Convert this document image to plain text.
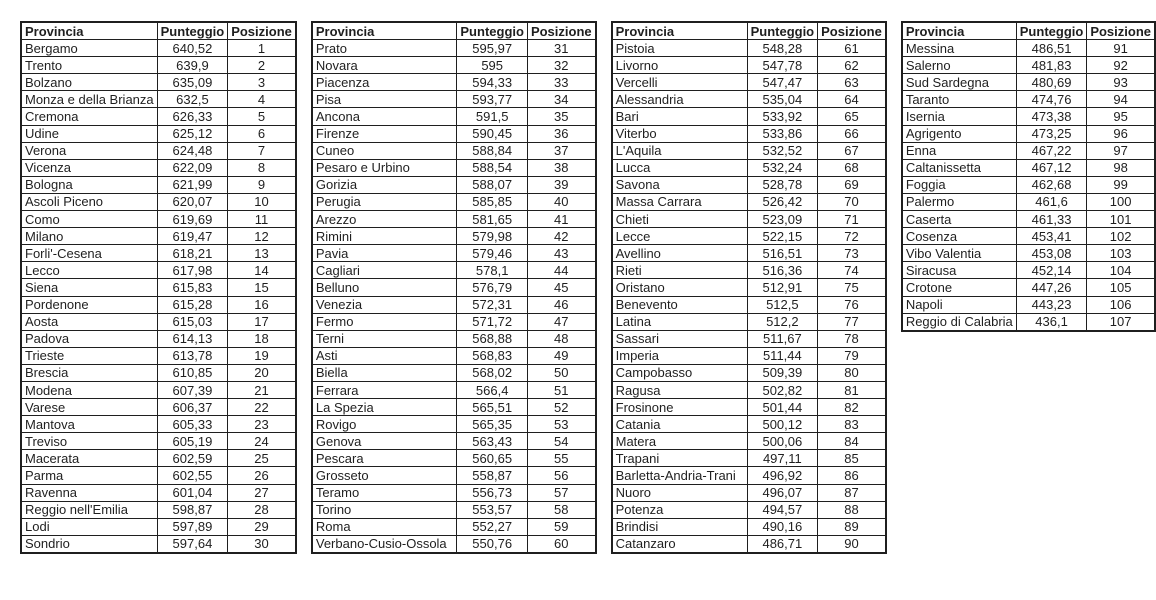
Provincia	Punteggio	Posizione
Bergamo	640,52	1
Trento	639,9	2
Bolzano	635,09	3
Monza e della Brianza	632,5	4
Cremona	626,33	5
Udine	625,12	6
Verona	624,48	7
Vicenza	622,09	8
Bologna	621,99	9
Ascoli Piceno	620,07	10
Como	619,69	11
Milano	619,47	12
Forli'-Cesena	618,21	13
Lecco	617,98	14
Siena	615,83	15
Pordenone	615,28	16
Aosta	615,03	17
Padova	614,13	18
Trieste	613,78	19
Brescia	610,85	20
Modena	607,39	21
Varese	606,37	22
Mantova	605,33	23
Treviso	605,19	24
Macerata	602,59	25
Parma	602,55	26
Ravenna	601,04	27
Reggio nell'Emilia	598,87	28
Lodi	597,89	29
Sondrio	597,64	30
Provincia	Punteggio	Posizione
Prato	595,97	31
Novara	595	32
Piacenza	594,33	33
Pisa	593,77	34
Ancona	591,5	35
Firenze	590,45	36
Cuneo	588,84	37
Pesaro e Urbino	588,54	38
Gorizia	588,07	39
Perugia	585,85	40
Arezzo	581,65	41
Rimini	579,98	42
Pavia	579,46	43
Cagliari	578,1	44
Belluno	576,79	45
Venezia	572,31	46
Fermo	571,72	47
Terni	568,88	48
Asti	568,83	49
Biella	568,02	50
Ferrara	566,4	51
La Spezia	565,51	52
Rovigo	565,35	53
Genova	563,43	54
Pescara	560,65	55
Grosseto	558,87	56
Teramo	556,73	57
Torino	553,57	58
Roma	552,27	59
Verbano-Cusio-Ossola	550,76	60
Provincia	Punteggio	Posizione
Pistoia	548,28	61
Livorno	547,78	62
Vercelli	547,47	63
Alessandria	535,04	64
Bari	533,92	65
Viterbo	533,86	66
L'Aquila	532,52	67
Lucca	532,24	68
Savona	528,78	69
Massa Carrara	526,42	70
Chieti	523,09	71
Lecce	522,15	72
Avellino	516,51	73
Rieti	516,36	74
Oristano	512,91	75
Benevento	512,5	76
Latina	512,2	77
Sassari	511,67	78
Imperia	511,44	79
Campobasso	509,39	80
Ragusa	502,82	81
Frosinone	501,44	82
Catania	500,12	83
Matera	500,06	84
Trapani	497,11	85
Barletta-Andria-Trani	496,92	86
Nuoro	496,07	87
Potenza	494,57	88
Brindisi	490,16	89
Catanzaro	486,71	90
Provincia	Punteggio	Posizione
Messina	486,51	91
Salerno	481,83	92
Sud Sardegna	480,69	93
Taranto	474,76	94
Isernia	473,38	95
Agrigento	473,25	96
Enna	467,22	97
Caltanissetta	467,12	98
Foggia	462,68	99
Palermo	461,6	100
Caserta	461,33	101
Cosenza	453,41	102
Vibo Valentia	453,08	103
Siracusa	452,14	104
Crotone	447,26	105
Napoli	443,23	106
Reggio di Calabria	436,1	107
